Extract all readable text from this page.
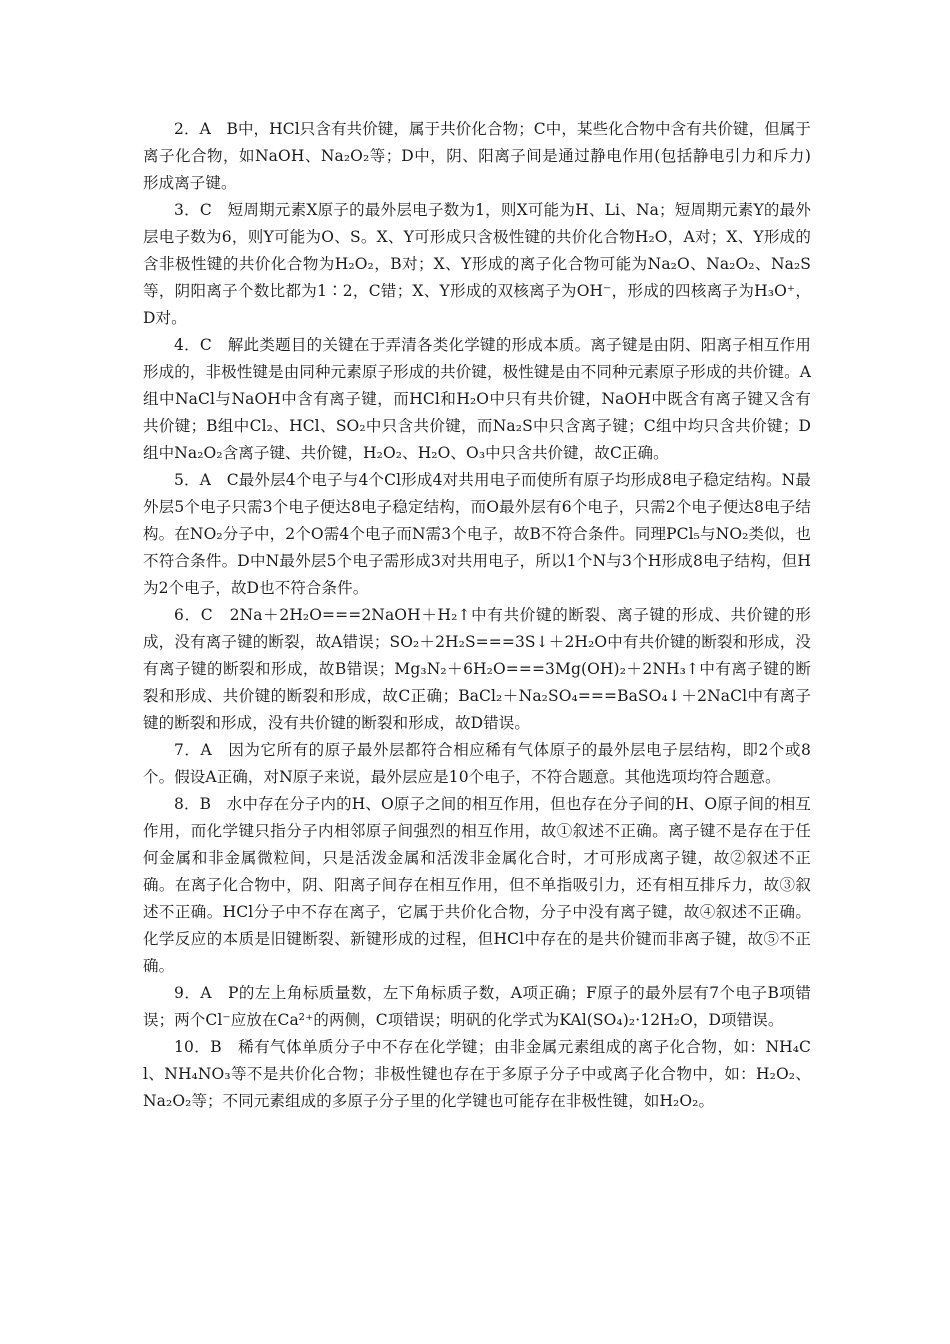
2．A　B中，HCl只含有共价键，属于共价化合物；C中，某些化合物中含有共价键，但属于离子化合物，如NaOH、Na₂O₂等；D中，阴、阳离子间是通过静电作用(包括静电引力和斥力)形成离子键。

3．C　短周期元素X原子的最外层电子数为1，则X可能为H、Li、Na；短周期元素Y的最外层电子数为6，则Y可能为O、S。X、Y可形成只含极性键的共价化合物H₂O，A对；X、Y形成的含非极性键的共价化合物为H₂O₂，B对；X、Y形成的离子化合物可能为Na₂O、Na₂O₂、Na₂S等，阴阳离子个数比都为1∶2，C错；X、Y形成的双核离子为OH⁻，形成的四核离子为H₃O⁺，D对。

4．C　解此类题目的关键在于弄清各类化学键的形成本质。离子键是由阴、阳离子相互作用形成的，非极性键是由同种元素原子形成的共价键，极性键是由不同种元素原子形成的共价键。A组中NaCl与NaOH中含有离子键，而HCl和H₂O中只有共价键，NaOH中既含有离子键又含有共价键；B组中Cl₂、HCl、SO₂中只含共价键，而Na₂S中只含离子键；C组中均只含共价键；D组中Na₂O₂含离子键、共价键，H₂O₂、H₂O、O₃中只含共价键，故C正确。

5．A　C最外层4个电子与4个Cl形成4对共用电子而使所有原子均形成8电子稳定结构。N最外层5个电子只需3个电子便达8电子稳定结构，而O最外层有6个电子，只需2个电子便达8电子结构。在NO₂分子中，2个O需4个电子而N需3个电子，故B不符合条件。同理PCl₅与NO₂类似，也不符合条件。D中N最外层5个电子需形成3对共用电子，所以1个N与3个H形成8电子结构，但H为2个电子，故D也不符合条件。

6．C　2Na＋2H₂O===2NaOH＋H₂↑中有共价键的断裂、离子键的形成、共价键的形成，没有离子键的断裂，故A错误；SO₂＋2H₂S===3S↓＋2H₂O中有共价键的断裂和形成，没有离子键的断裂和形成，故B错误；Mg₃N₂＋6H₂O===3Mg(OH)₂＋2NH₃↑中有离子键的断裂和形成、共价键的断裂和形成，故C正确；BaCl₂＋Na₂SO₄===BaSO₄↓＋2NaCl中有离子键的断裂和形成，没有共价键的断裂和形成，故D错误。

7．A　因为它所有的原子最外层都符合相应稀有气体原子的最外层电子层结构，即2个或8个。假设A正确，对N原子来说，最外层应是10个电子，不符合题意。其他选项均符合题意。

8．B　水中存在分子内的H、O原子之间的相互作用，但也存在分子间的H、O原子间的相互作用，而化学键只指分子内相邻原子间强烈的相互作用，故①叙述不正确。离子键不是存在于任何金属和非金属微粒间，只是活泼金属和活泼非金属化合时，才可形成离子键，故②叙述不正确。在离子化合物中，阴、阳离子间存在相互作用，但不单指吸引力，还有相互排斥力，故③叙述不正确。HCl分子中不存在离子，它属于共价化合物，分子中没有离子键，故④叙述不正确。化学反应的本质是旧键断裂、新键形成的过程，但HCl中存在的是共价键而非离子键，故⑤不正确。

9．A　P的左上角标质量数，左下角标质子数，A项正确；F原子的最外层有7个电子B项错误；两个Cl⁻应放在Ca²⁺的两侧，C项错误；明矾的化学式为KAl(SO₄)₂·12H₂O，D项错误。

10．B　稀有气体单质分子中不存在化学键；由非金属元素组成的离子化合物，如：NH₄Cl、NH₄NO₃等不是共价化合物；非极性键也存在于多原子分子中或离子化合物中，如：H₂O₂、Na₂O₂等；不同元素组成的多原子分子里的化学键也可能存在非极性键，如H₂O₂。
